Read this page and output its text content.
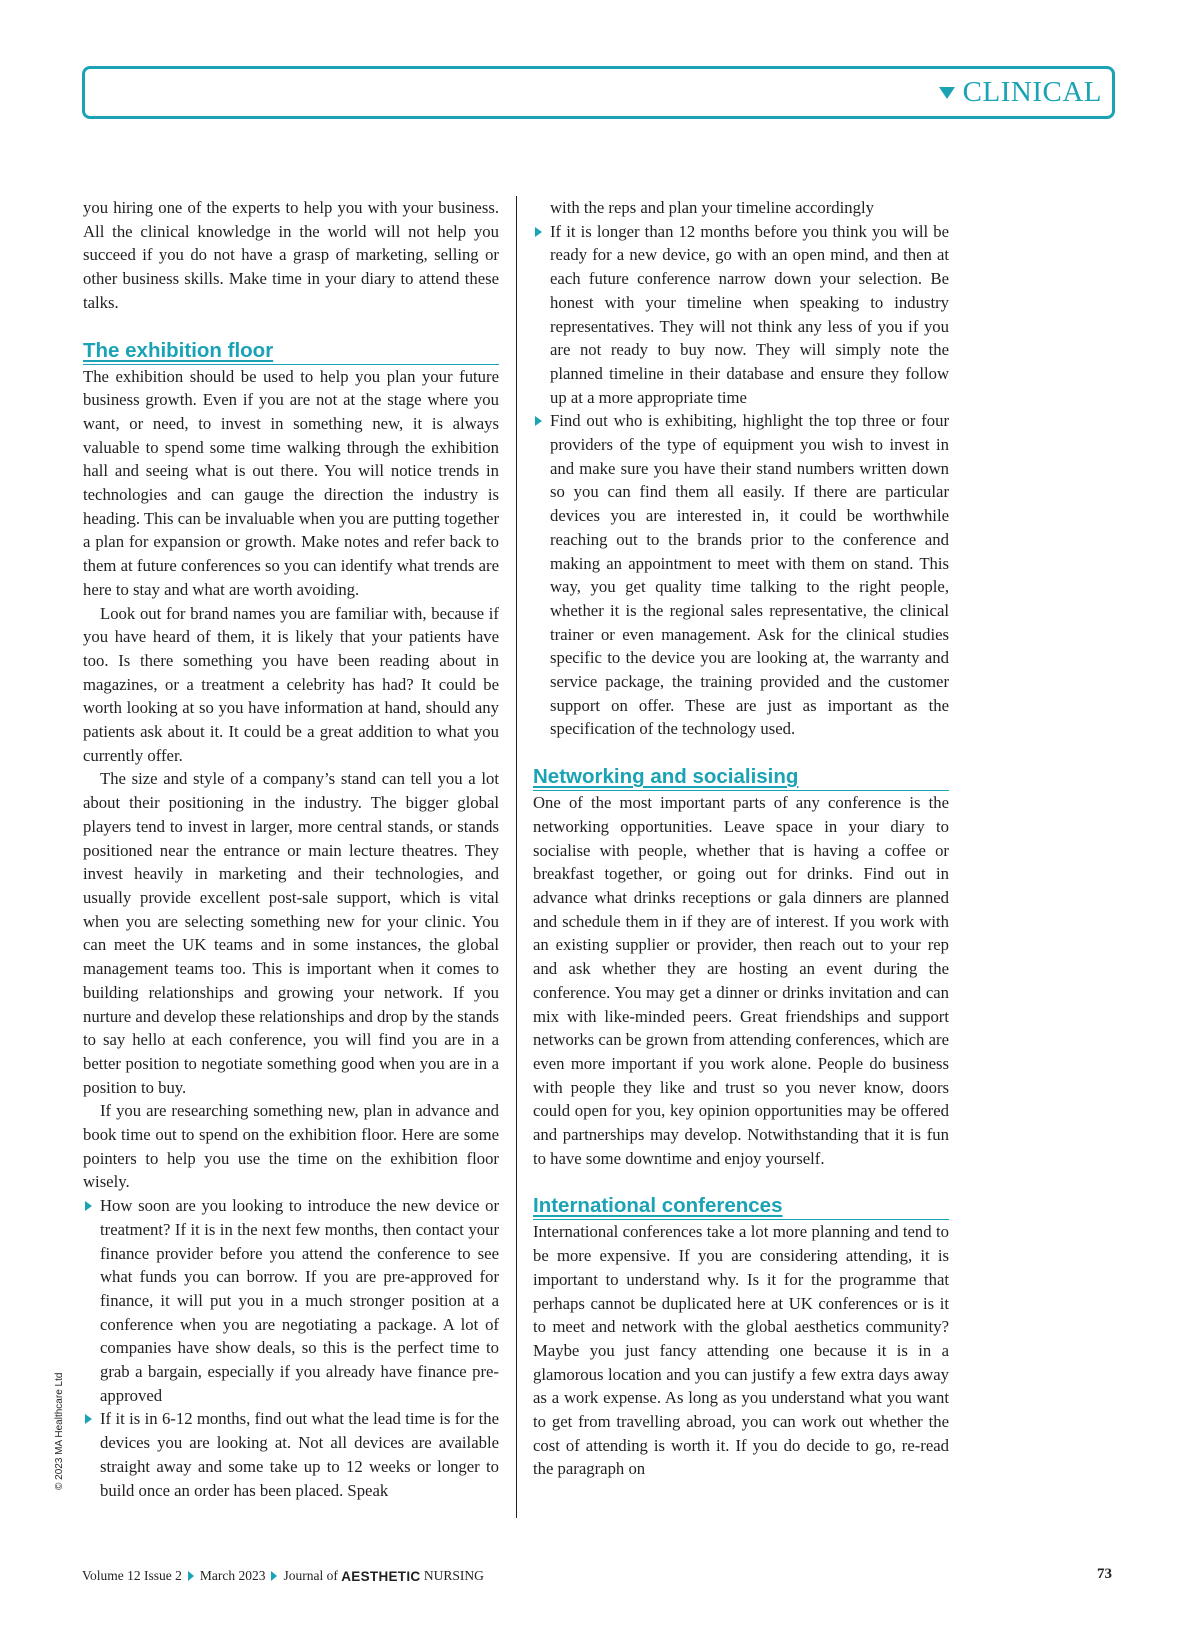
CLINICAL

you hiring one of the experts to help you with your business. All the clinical knowledge in the world will not help you succeed if you do not have a grasp of marketing, selling or other business skills. Make time in your diary to attend these talks.

The exhibition floor

The exhibition should be used to help you plan your future business growth. Even if you are not at the stage where you want, or need, to invest in something new, it is always valuable to spend some time walking through the exhibition hall and seeing what is out there. You will notice trends in technologies and can gauge the direction the industry is heading. This can be invaluable when you are putting together a plan for expansion or growth. Make notes and refer back to them at future conferences so you can identify what trends are here to stay and what are worth avoiding.

Look out for brand names you are familiar with, because if you have heard of them, it is likely that your patients have too. Is there something you have been reading about in magazines, or a treatment a celebrity has had? It could be worth looking at so you have information at hand, should any patients ask about it. It could be a great addition to what you currently offer.

The size and style of a company’s stand can tell you a lot about their positioning in the industry. The bigger global players tend to invest in larger, more central stands, or stands positioned near the entrance or main lecture theatres. They invest heavily in marketing and their technologies, and usually provide excellent post-sale support, which is vital when you are selecting something new for your clinic. You can meet the UK teams and in some instances, the global management teams too. This is important when it comes to building relationships and growing your network. If you nurture and develop these relationships and drop by the stands to say hello at each conference, you will find you are in a better position to negotiate something good when you are in a position to buy.

If you are researching something new, plan in advance and book time out to spend on the exhibition floor. Here are some pointers to help you use the time on the exhibition floor wisely.

How soon are you looking to introduce the new device or treatment? If it is in the next few months, then contact your finance provider before you attend the conference to see what funds you can borrow. If you are pre-approved for finance, it will put you in a much stronger position at a conference when you are negotiating a package. A lot of companies have show deals, so this is the perfect time to grab a bargain, especially if you already have finance pre-approved
If it is in 6-12 months, find out what the lead time is for the devices you are looking at. Not all devices are available straight away and some take up to 12 weeks or longer to build once an order has been placed. Speak
with the reps and plan your timeline accordingly
If it is longer than 12 months before you think you will be ready for a new device, go with an open mind, and then at each future conference narrow down your selection. Be honest with your timeline when speaking to industry representatives. They will not think any less of you if you are not ready to buy now. They will simply note the planned timeline in their database and ensure they follow up at a more appropriate time
Find out who is exhibiting, highlight the top three or four providers of the type of equipment you wish to invest in and make sure you have their stand numbers written down so you can find them all easily. If there are particular devices you are interested in, it could be worthwhile reaching out to the brands prior to the conference and making an appointment to meet with them on stand. This way, you get quality time talking to the right people, whether it is the regional sales representative, the clinical trainer or even management. Ask for the clinical studies specific to the device you are looking at, the warranty and service package, the training provided and the customer support on offer. These are just as important as the specification of the technology used.
Networking and socialising

One of the most important parts of any conference is the networking opportunities. Leave space in your diary to socialise with people, whether that is having a coffee or breakfast together, or going out for drinks. Find out in advance what drinks receptions or gala dinners are planned and schedule them in if they are of interest. If you work with an existing supplier or provider, then reach out to your rep and ask whether they are hosting an event during the conference. You may get a dinner or drinks invitation and can mix with like-minded peers. Great friendships and support networks can be grown from attending conferences, which are even more important if you work alone. People do business with people they like and trust so you never know, doors could open for you, key opinion opportunities may be offered and partnerships may develop. Notwithstanding that it is fun to have some downtime and enjoy yourself.

International conferences

International conferences take a lot more planning and tend to be more expensive. If you are considering attending, it is important to understand why. Is it for the programme that perhaps cannot be duplicated here at UK conferences or is it to meet and network with the global aesthetics community? Maybe you just fancy attending one because it is in a glamorous location and you can justify a few extra days away as a work expense. As long as you understand what you want to get from travelling abroad, you can work out whether the cost of attending is worth it. If you do decide to go, re-read the paragraph on

© 2023 MA Healthcare Ltd
Volume 12 Issue 2 March 2023 Journal of
AESTHETIC
NURSING	73
